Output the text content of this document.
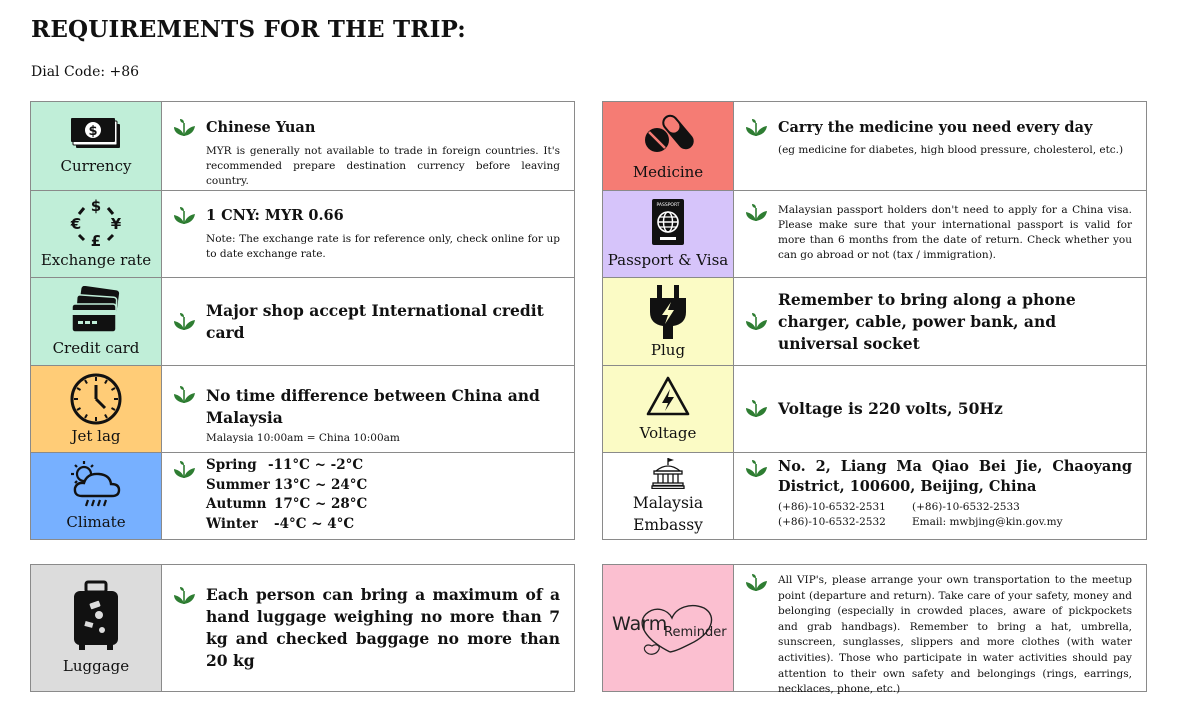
REQUIREMENTS FOR THE TRIP:
Dial Code: +86
$
Currency
Chinese Yuan
MYR is generally not available to trade in foreign countries. It's recommended prepare destination currency before leaving country.
$
€ ¥
£
Exchange rate
1 CNY: MYR 0.66
Note: The exchange rate is for reference only, check online for up to date exchange rate.
Credit card
Major shop accept International credit card
Jet lag
No time difference between China and Malaysia
Malaysia 10:00am = China 10:00am
Climate
Spring -11°C ~ -2°C
Summer 13°C ~ 24°C
Autumn 17°C ~ 28°C
Winter	-4°C ~ 4°C
Luggage
Each person can bring a maximum of a hand luggage weighing no more than 7 kg and checked baggage no more than 20 kg
Medicine
Carry the medicine you need every day
(eg medicine for diabetes, high blood pressure, cholesterol, etc.)
PASSPORT
Passport & Visa
Malaysian passport holders don't need to apply for a China visa. Please make sure that your international passport is valid for more than 6 months from the date of return. Check whether you can go abroad or not (tax / immigration).
Plug
Remember to bring along a phone charger, cable, power bank, and universal socket
Voltage
Voltage is 220 volts, 50Hz
Malaysia
Embassy
No. 2, Liang Ma Qiao Bei Jie, Chaoyang District, 100600, Beijing, China
(+86)-10-6532-2531	(+86)-10-6532-2533
(+86)-10-6532-2532	Email: mwbjing@kin.gov.my
Warm
Reminder
All VIP's, please arrange your own transportation to the meetup point (departure and return). Take care of your safety, money and belonging (especially in crowded places, aware of pickpockets and grab handbags). Remember to bring a hat, umbrella, sunscreen, sunglasses, slippers and more clothes (with water activities). Those who participate in water activities should pay attention to their own safety and belongings (rings, earrings, necklaces, phone, etc.)
